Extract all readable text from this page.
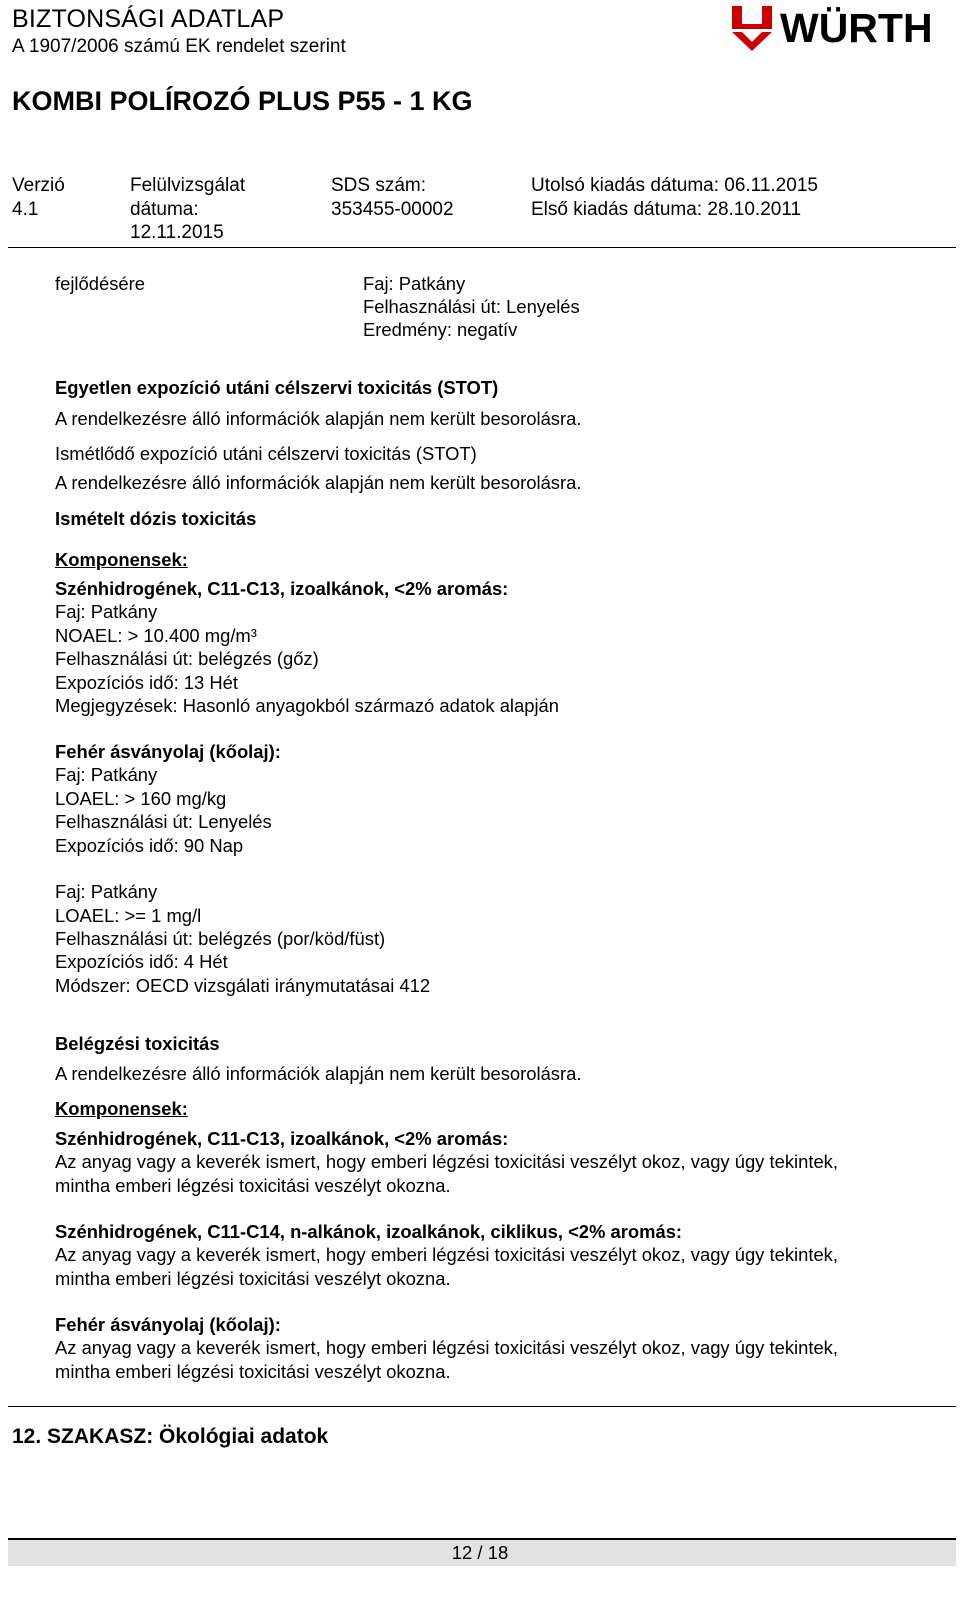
BIZTONSÁGI ADATLAP
A 1907/2006 számú EK rendelet szerint	WÜRTH
KOMBI POLÍROZÓ PLUS P55 - 1 KG
Verzió
4.1
Felülvizsgálat
dátuma:
12.11.2015
SDS szám:
353455-00002
Utolsó kiadás dátuma: 06.11.2015
Első kiadás dátuma: 28.10.2011
fejlődésére	Faj: Patkány
Felhasználási út: Lenyelés
Eredmény: negatív
Egyetlen expozíció utáni célszervi toxicitás (STOT)
A rendelkezésre álló információk alapján nem került besorolásra.
Ismétlődő expozíció utáni célszervi toxicitás (STOT)
A rendelkezésre álló információk alapján nem került besorolásra.
Ismételt dózis toxicitás
Komponensek:
Szénhidrogének, C11-C13, izoalkánok, <2% aromás:
Faj: Patkány
NOAEL: > 10.400 mg/m³
Felhasználási út: belégzés (gőz)
Expozíciós idő: 13 Hét
Megjegyzések: Hasonló anyagokból származó adatok alapján
Fehér ásványolaj (kőolaj):
Faj: Patkány
LOAEL: > 160 mg/kg
Felhasználási út: Lenyelés
Expozíciós idő: 90 Nap
Faj: Patkány
LOAEL: >= 1 mg/l
Felhasználási út: belégzés (por/köd/füst)
Expozíciós idő: 4 Hét
Módszer: OECD vizsgálati iránymutatásai 412
Belégzési toxicitás
A rendelkezésre álló információk alapján nem került besorolásra.
Komponensek:
Szénhidrogének, C11-C13, izoalkánok, <2% aromás:
Az anyag vagy a keverék ismert, hogy emberi légzési toxicitási veszélyt okoz, vagy úgy tekintek,
mintha emberi légzési toxicitási veszélyt okozna.
Szénhidrogének, C11-C14, n-alkánok, izoalkánok, ciklikus, <2% aromás:
Az anyag vagy a keverék ismert, hogy emberi légzési toxicitási veszélyt okoz, vagy úgy tekintek,
mintha emberi légzési toxicitási veszélyt okozna.
Fehér ásványolaj (kőolaj):
Az anyag vagy a keverék ismert, hogy emberi légzési toxicitási veszélyt okoz, vagy úgy tekintek,
mintha emberi légzési toxicitási veszélyt okozna.
12. SZAKASZ: Ökológiai adatok
12 / 18
